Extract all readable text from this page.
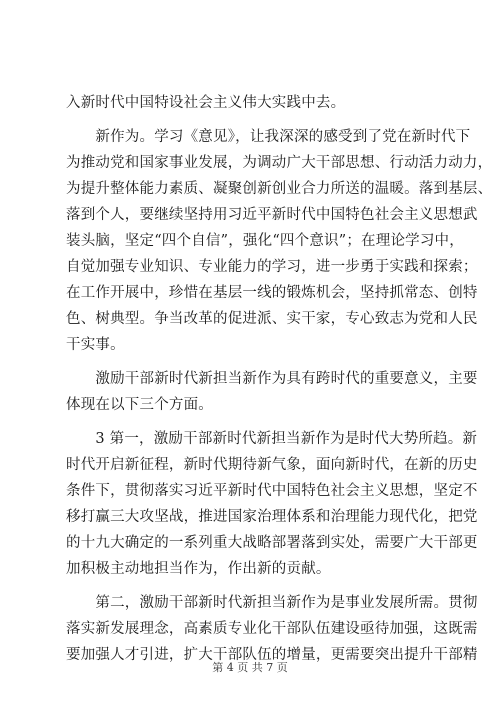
入新时代中国特设社会主义伟大实践中去。
　　新作为。学习《意见》，让我深深的感受到了党在新时代下
为推动党和国家事业发展，为调动广大干部思想、行动活力动力，
为提升整体能力素质、凝聚创新创业合力所送的温暖。落到基层、
落到个人，要继续坚持用习近平新时代中国特色社会主义思想武
装头脑，坚定“四个自信”，强化“四个意识”；在理论学习中，
自觉加强专业知识、专业能力的学习，进一步勇于实践和探索；
在工作开展中，珍惜在基层一线的锻炼机会，坚持抓常态、创特
色、树典型。争当改革的促进派、实干家，专心致志为党和人民
干实事。
　　激励干部新时代新担当新作为具有跨时代的重要意义，主要
体现在以下三个方面。
　　3 第一，激励干部新时代新担当新作为是时代大势所趋。新
时代开启新征程，新时代期待新气象，面向新时代，在新的历史
条件下，贯彻落实习近平新时代中国特色社会主义思想，坚定不
移打赢三大攻坚战，推进国家治理体系和治理能力现代化，把党
的十九大确定的一系列重大战略部署落到实处，需要广大干部更
加积极主动地担当作为，作出新的贡献。
　　第二，激励干部新时代新担当新作为是事业发展所需。贯彻
落实新发展理念，高素质专业化干部队伍建设亟待加强，这既需
要加强人才引进，扩大干部队伍的增量，更需要突出提升干部精
第 4 页 共 7 页
